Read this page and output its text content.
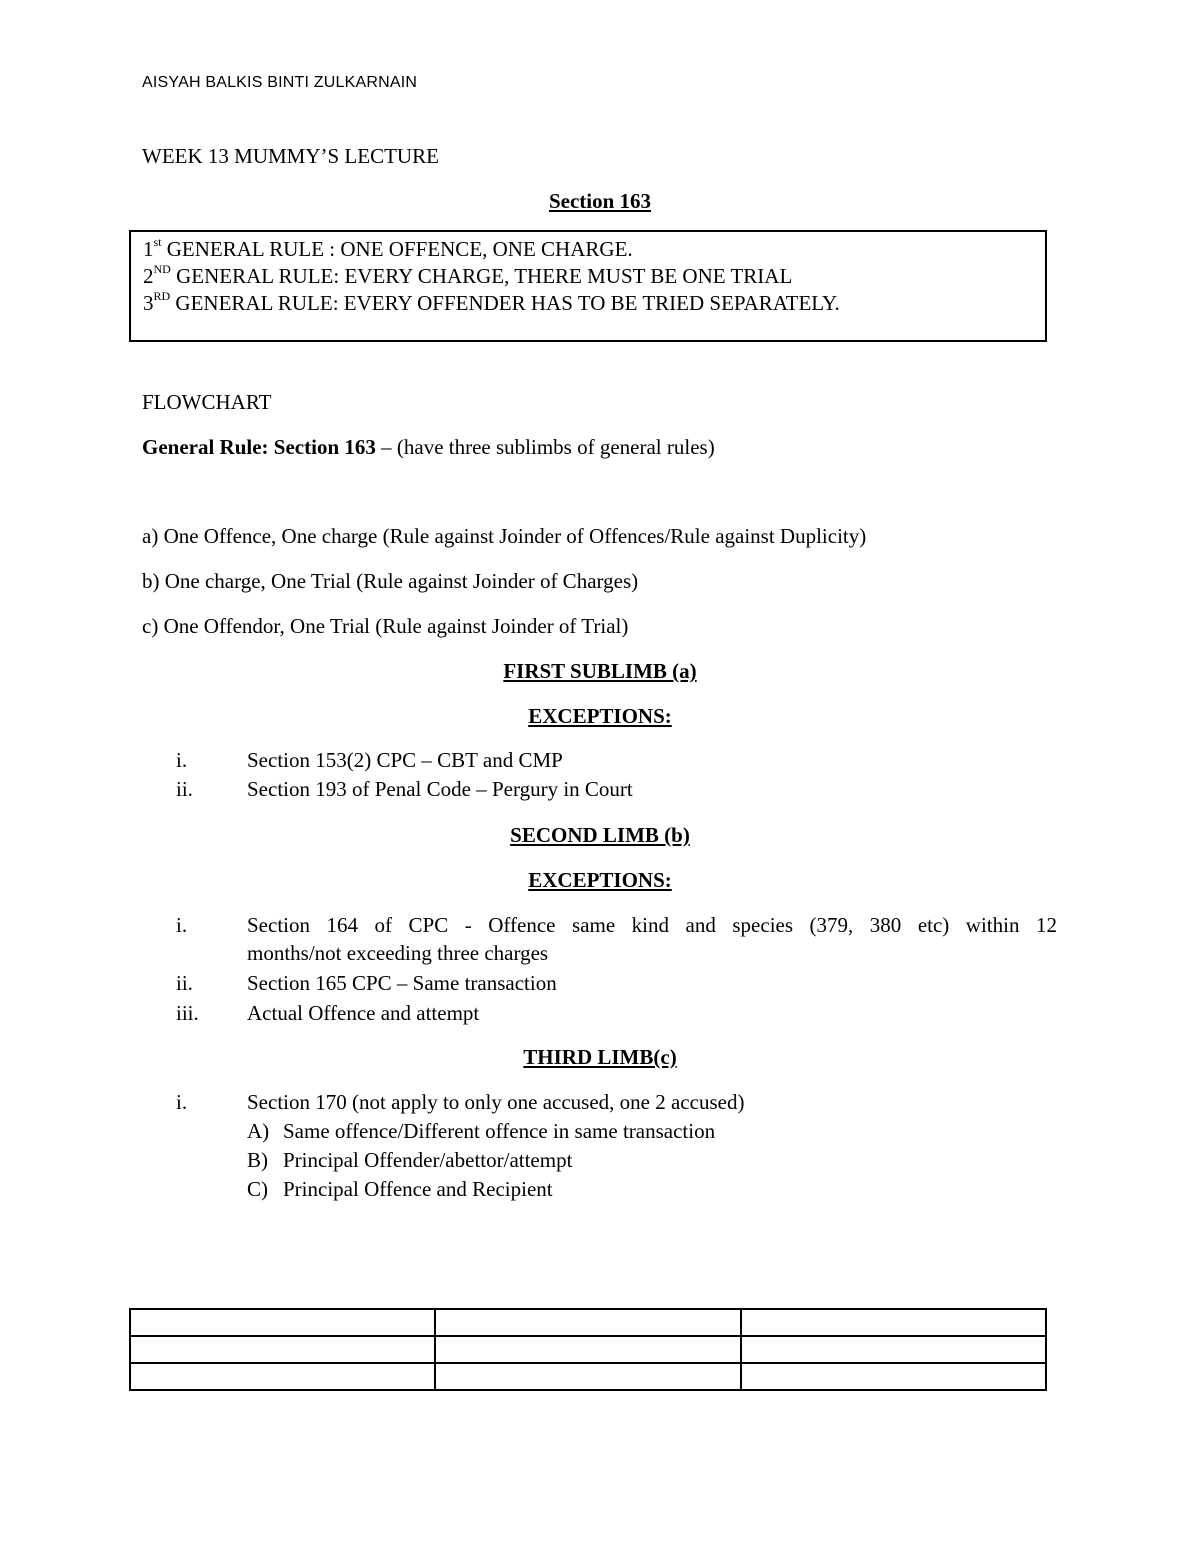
AISYAH BALKIS BINTI ZULKARNAIN
WEEK 13 MUMMY’S LECTURE
Section 163
1st GENERAL RULE : ONE OFFENCE, ONE CHARGE.
2ND GENERAL RULE: EVERY CHARGE, THERE MUST BE ONE TRIAL
3RD GENERAL RULE: EVERY OFFENDER HAS TO BE TRIED SEPARATELY.
FLOWCHART
General Rule: Section 163 – (have three sublimbs of general rules)
a) One Offence, One charge (Rule against Joinder of Offences/Rule against Duplicity)
b) One charge, One Trial (Rule against Joinder of Charges)
c) One Offendor, One Trial (Rule against Joinder of Trial)
FIRST SUBLIMB (a)
EXCEPTIONS:
i.	Section 153(2) CPC – CBT and CMP
ii.	Section 193 of Penal Code – Pergury in Court
SECOND LIMB (b)
EXCEPTIONS:
i.	Section 164 of CPC - Offence same kind and species (379, 380 etc) within 12
months/not exceeding three charges
ii.	Section 165 CPC – Same transaction
iii. Actual Offence and attempt
THIRD LIMB(c)
i.	Section 170 (not apply to only one accused, one 2 accused)
A) Same offence/Different offence in same transaction
B) Principal Offender/abettor/attempt
C) Principal Offence and Recipient
